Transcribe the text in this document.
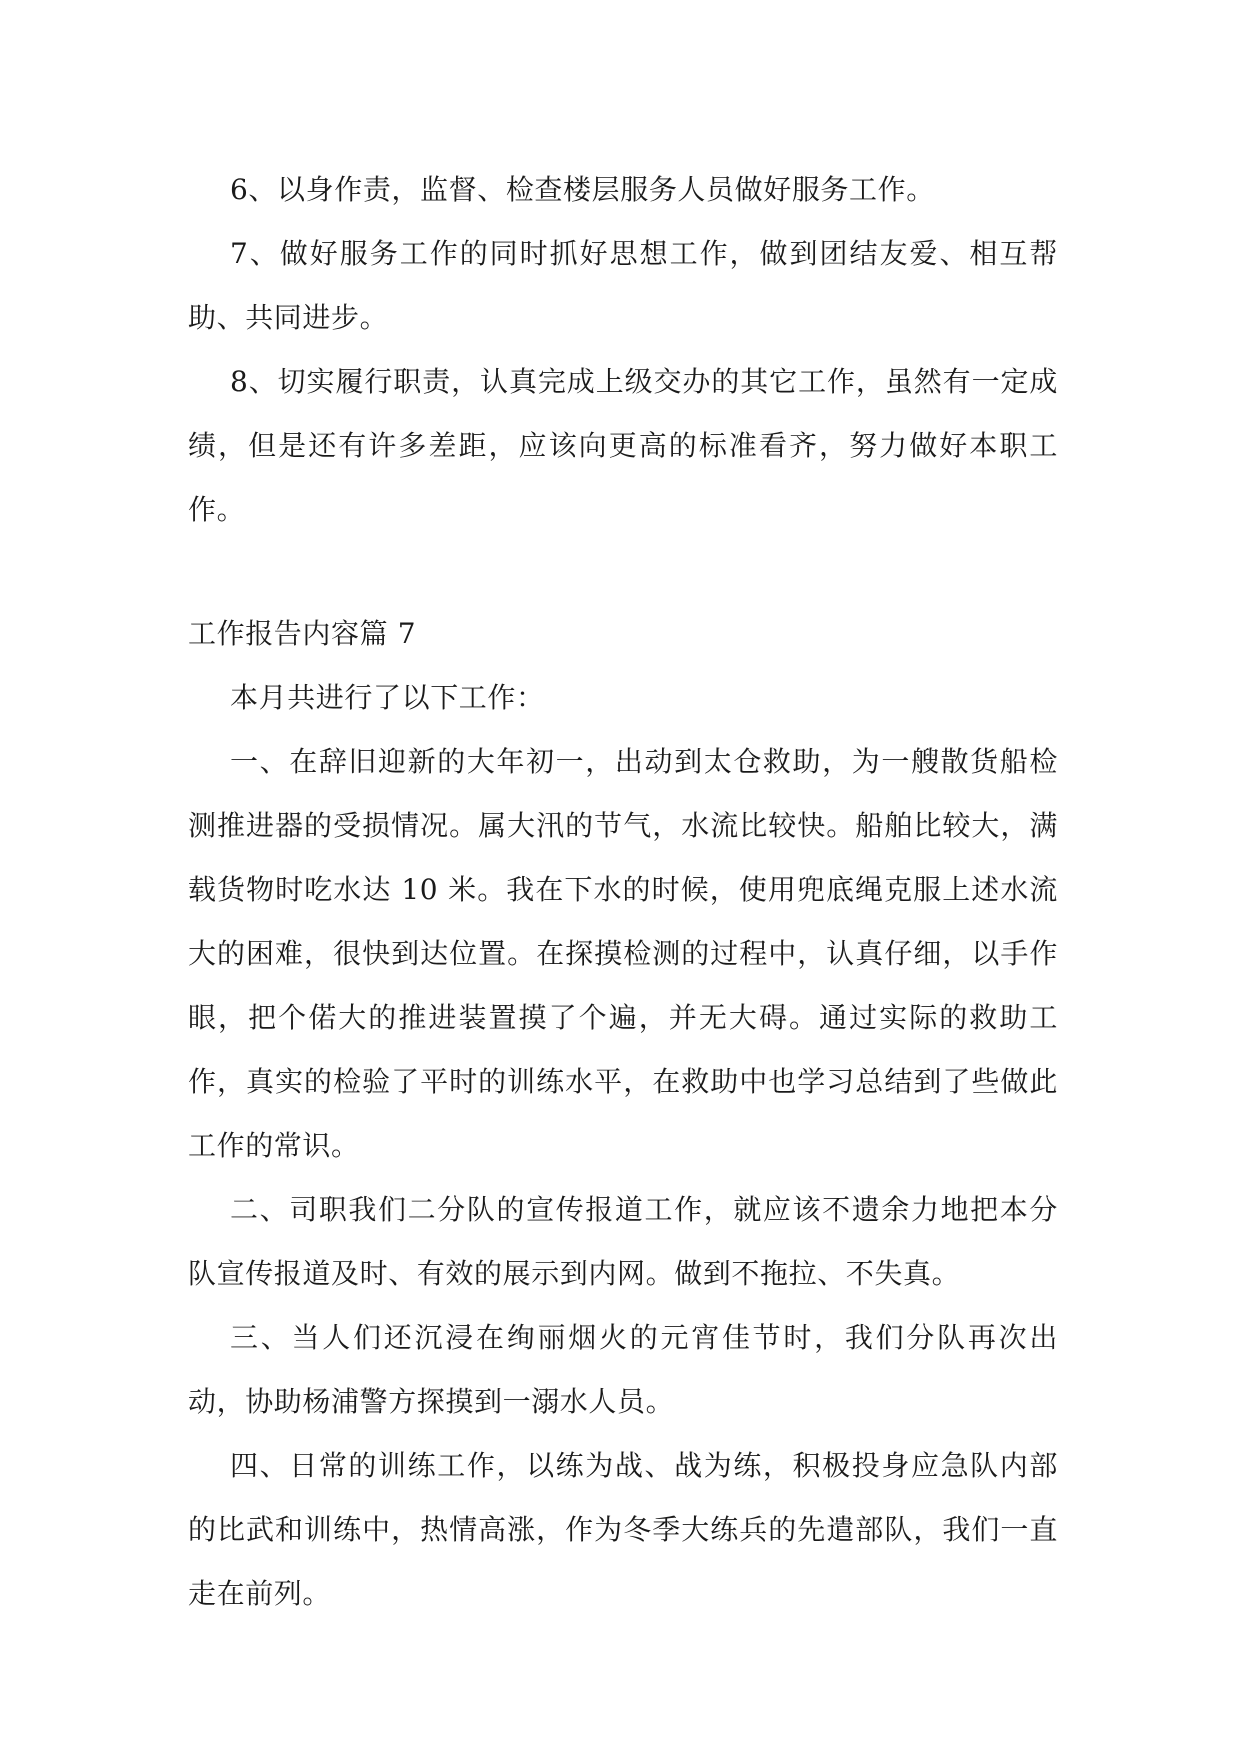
6、以身作责，监督、检查楼层服务人员做好服务工作。

7、做好服务工作的同时抓好思想工作，做到团结友爱、相互帮助、共同进步。

8、切实履行职责，认真完成上级交办的其它工作，虽然有一定成绩，但是还有许多差距，应该向更高的标准看齐，努力做好本职工作。

工作报告内容篇 7

本月共进行了以下工作：

一、在辞旧迎新的大年初一，出动到太仓救助，为一艘散货船检测推进器的受损情况。属大汛的节气，水流比较快。船舶比较大，满载货物时吃水达 10 米。我在下水的时候，使用兜底绳克服上述水流大的困难，很快到达位置。在探摸检测的过程中，认真仔细，以手作眼，把个偌大的推进装置摸了个遍，并无大碍。通过实际的救助工作，真实的检验了平时的训练水平，在救助中也学习总结到了些做此工作的常识。

二、司职我们二分队的宣传报道工作，就应该不遗余力地把本分队宣传报道及时、有效的展示到内网。做到不拖拉、不失真。

三、当人们还沉浸在绚丽烟火的元宵佳节时，我们分队再次出动，协助杨浦警方探摸到一溺水人员。

四、日常的训练工作，以练为战、战为练，积极投身应急队内部的比武和训练中，热情高涨，作为冬季大练兵的先遣部队，我们一直走在前列。
